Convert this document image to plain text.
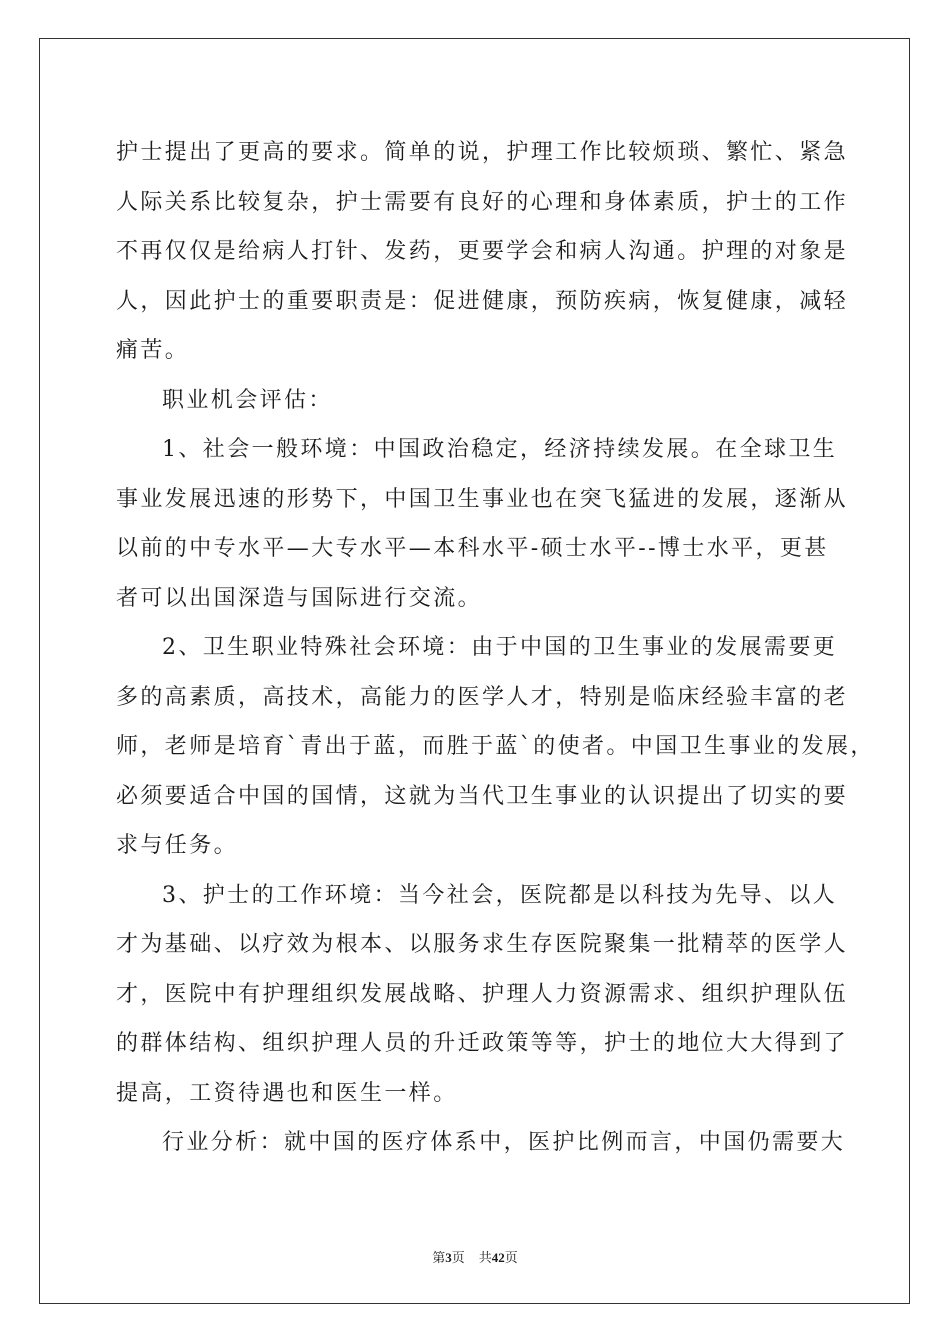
护士提出了更高的要求。简单的说，护理工作比较烦琐、繁忙、紧急
人际关系比较复杂，护士需要有良好的心理和身体素质，护士的工作
不再仅仅是给病人打针、发药，更要学会和病人沟通。护理的对象是
人，因此护士的重要职责是：促进健康，预防疾病，恢复健康，减轻
痛苦。
职业机会评估：
1、社会一般环境：中国政治稳定，经济持续发展。在全球卫生
事业发展迅速的形势下，中国卫生事业也在突飞猛进的发展，逐渐从
以前的中专水平—大专水平—本科水平-硕士水平--博士水平，更甚
者可以出国深造与国际进行交流。
2、卫生职业特殊社会环境：由于中国的卫生事业的发展需要更
多的高素质，高技术，高能力的医学人才，特别是临床经验丰富的老
师，老师是培育`青出于蓝，而胜于蓝`的使者。中国卫生事业的发展，
必须要适合中国的国情，这就为当代卫生事业的认识提出了切实的要
求与任务。
3、护士的工作环境：当今社会，医院都是以科技为先导、以人
才为基础、以疗效为根本、以服务求生存医院聚集一批精萃的医学人
才，医院中有护理组织发展战略、护理人力资源需求、组织护理队伍
的群体结构、组织护理人员的升迁政策等等，护士的地位大大得到了
提高，工资待遇也和医生一样。
行业分析：就中国的医疗体系中，医护比例而言，中国仍需要大
第3页 共42页
